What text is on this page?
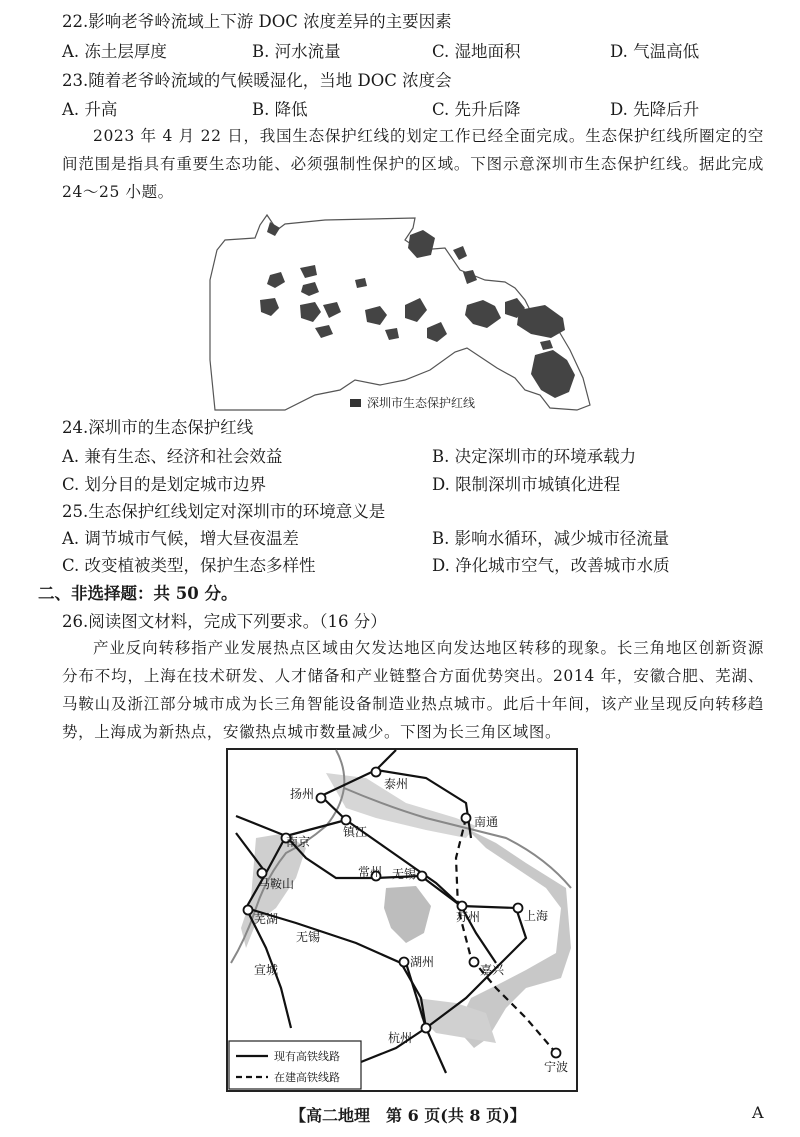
22.影响老爷岭流域上下游 DOC 浓度差异的主要因素
A. 冻土层厚度	B. 河水流量	C. 湿地面积	D. 气温高低
23.随着老爷岭流域的气候暖湿化，当地 DOC 浓度会
A. 升高	B. 降低	C. 先升后降	D. 先降后升
2023 年 4 月 22 日，我国生态保护红线的划定工作已经全面完成。生态保护红线所圈定的空间范围是指具有重要生态功能、必须强制性保护的区域。下图示意深圳市生态保护红线。据此完成 24～25 小题。
深圳市生态保护红线
24.深圳市的生态保护红线
A. 兼有生态、经济和社会效益	B. 决定深圳市的环境承载力
C. 划分目的是划定城市边界	D. 限制深圳市城镇化进程
25.生态保护红线划定对深圳市的环境意义是
A. 调节城市气候，增大昼夜温差	B. 影响水循环，减少城市径流量
C. 改变植被类型，保护生态多样性	D. 净化城市空气，改善城市水质
二、非选择题：共 50 分。
26.阅读图文材料，完成下列要求。（16 分）
产业反向转移指产业发展热点区域由欠发达地区向发达地区转移的现象。长三角地区创新资源分布不均，上海在技术研发、人才储备和产业链整合方面优势突出。2014 年，安徽合肥、芜湖、马鞍山及浙江部分城市成为长三角智能设备制造业热点城市。此后十年间，该产业呈现反向转移趋势，上海成为新热点，安徽热点城市数量减少。下图为长三角区域图。
泰州
扬州
镇江
南通
南京
常州 无锡
马鞍山
苏州	上海
芜湖
无锡
宣城
湖州
嘉兴
杭州
宁波
现有高铁线路
在建高铁线路
【高二地理　第 6 页(共 8 页)】	A
